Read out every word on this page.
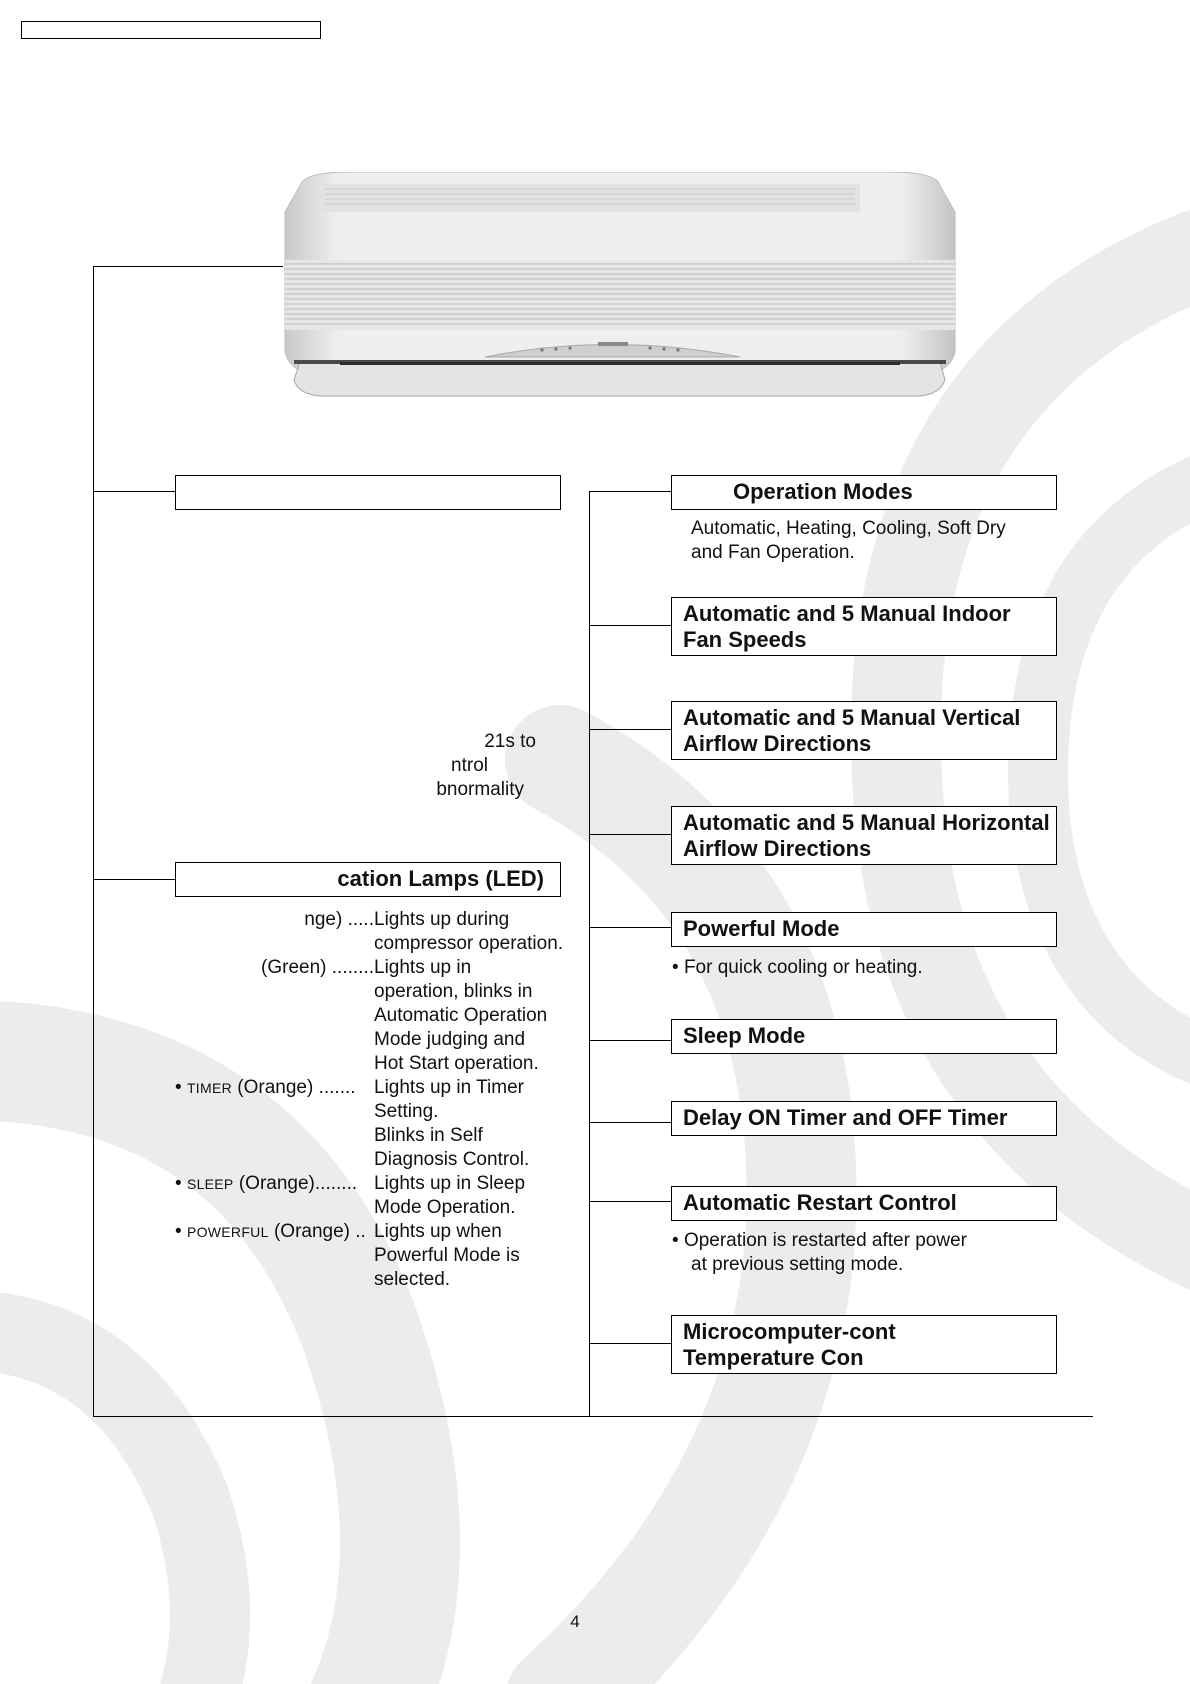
21s to
ntrol
bnormality
cation Lamps (LED)
nge) ..... Lights up during
compressor operation.
(Green) ........ Lights up in
operation, blinks in
Automatic Operation
Mode judging and
Hot Start operation.
• TIMER (Orange) ....... Lights up in Timer
Setting.
Blinks in Self
Diagnosis Control.
• SLEEP (Orange)........ Lights up in Sleep
Mode Operation.
• POWERFUL (Orange) .. Lights up when
Powerful Mode is
selected.
Operation Modes
Automatic, Heating, Cooling, Soft Dry
and Fan Operation.
Automatic and 5 Manual Indoor
Fan Speeds
Automatic and 5 Manual Vertical
Airflow Directions
Automatic and 5 Manual Horizontal
Airflow Directions
Powerful Mode
• For quick cooling or heating.
Sleep Mode
Delay ON Timer and OFF Timer
Automatic Restart Control
• Operation is restarted after power
at previous setting mode.
Microcomputer-cont
Temperature Con
4
